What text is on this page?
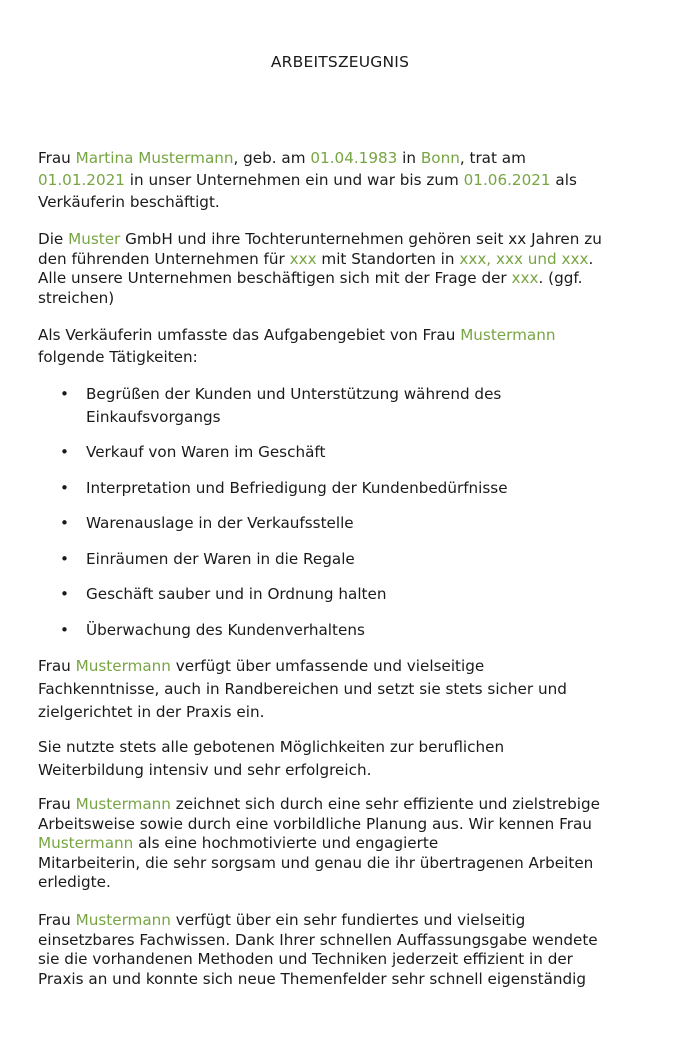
ARBEITSZEUGNIS

Frau Martina Mustermann, geb. am 01.04.1983 in Bonn, trat am
01.01.2021 in unser Unternehmen ein und war bis zum 01.06.2021 als
Verkäuferin beschäftigt.

Die Muster GmbH und ihre Tochterunternehmen gehören seit xx Jahren zu
den führenden Unternehmen für xxx mit Standorten in xxx, xxx und xxx.
Alle unsere Unternehmen beschäftigen sich mit der Frage der xxx. (ggf.
streichen)

Als Verkäuferin umfasste das Aufgabengebiet von Frau Mustermann
folgende Tätigkeiten:

• Begrüßen der Kunden und Unterstützung während des
Einkaufsvorgangs
• Verkauf von Waren im Geschäft
• Interpretation und Befriedigung der Kundenbedürfnisse
• Warenauslage in der Verkaufsstelle
• Einräumen der Waren in die Regale
• Geschäft sauber und in Ordnung halten
• Überwachung des Kundenverhaltens

Frau Mustermann verfügt über umfassende und vielseitige
Fachkenntnisse, auch in Randbereichen und setzt sie stets sicher und
zielgerichtet in der Praxis ein.

Sie nutzte stets alle gebotenen Möglichkeiten zur beruflichen
Weiterbildung intensiv und sehr erfolgreich.

Frau Mustermann zeichnet sich durch eine sehr effiziente und zielstrebige
Arbeitsweise sowie durch eine vorbildliche Planung aus. Wir kennen Frau
Mustermann als eine hochmotivierte und engagierte
Mitarbeiterin, die sehr sorgsam und genau die ihr übertragenen Arbeiten
erledigte.

Frau Mustermann verfügt über ein sehr fundiertes und vielseitig
einsetzbares Fachwissen. Dank Ihrer schnellen Auffassungsgabe wendete
sie die vorhandenen Methoden und Techniken jederzeit effizient in der
Praxis an und konnte sich neue Themenfelder sehr schnell eigenständig
